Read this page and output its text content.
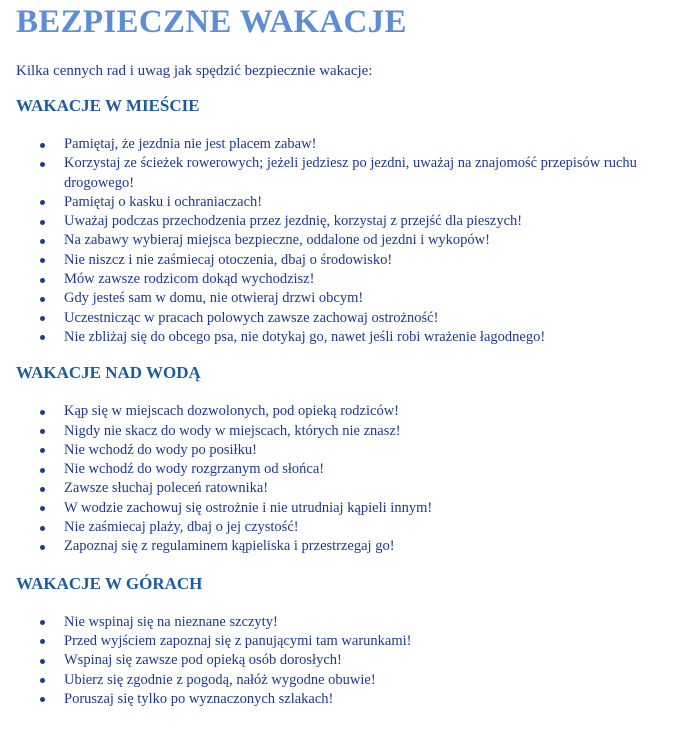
BEZPIECZNE WAKACJE

Kilka cennych rad i uwag jak spędzić bezpiecznie wakacje:

WAKACJE W MIEŚCIE
Pamiętaj, że jezdnia nie jest placem zabaw!
Korzystaj ze ścieżek rowerowych; jeżeli jedziesz po jezdni, uważaj na znajomość przepisów ruchu drogowego!
Pamiętaj o kasku i ochraniaczach!
Uważaj podczas przechodzenia przez jezdnię, korzystaj z przejść dla pieszych!
Na zabawy wybieraj miejsca bezpieczne, oddalone od jezdni i wykopów!
Nie niszcz i nie zaśmiecaj otoczenia, dbaj o środowisko!
Mów zawsze rodzicom dokąd wychodzisz!
Gdy jesteś sam w domu, nie otwieraj drzwi obcym!
Uczestnicząc w pracach polowych zawsze zachowaj ostrożność!
Nie zbliżaj się do obcego psa, nie dotykaj go, nawet jeśli robi wrażenie łagodnego!
WAKACJE NAD WODĄ
Kąp się w miejscach dozwolonych, pod opieką rodziców!
Nigdy nie skacz do wody w miejscach, których nie znasz!
Nie wchodź do wody po posiłku!
Nie wchodź do wody rozgrzanym od słońca!
Zawsze słuchaj poleceń ratownika!
W wodzie zachowuj się ostrożnie i nie utrudniaj kąpieli innym!
Nie zaśmiecaj plaży, dbaj o jej czystość!
Zapoznaj się z regulaminem kąpieliska i przestrzegaj go!
WAKACJE W GÓRACH
Nie wspinaj się na nieznane szczyty!
Przed wyjściem zapoznaj się z panującymi tam warunkami!
Wspinaj się zawsze pod opieką osób dorosłych!
Ubierz się zgodnie z pogodą, nałóż wygodne obuwie!
Poruszaj się tylko po wyznaczonych szlakach!
